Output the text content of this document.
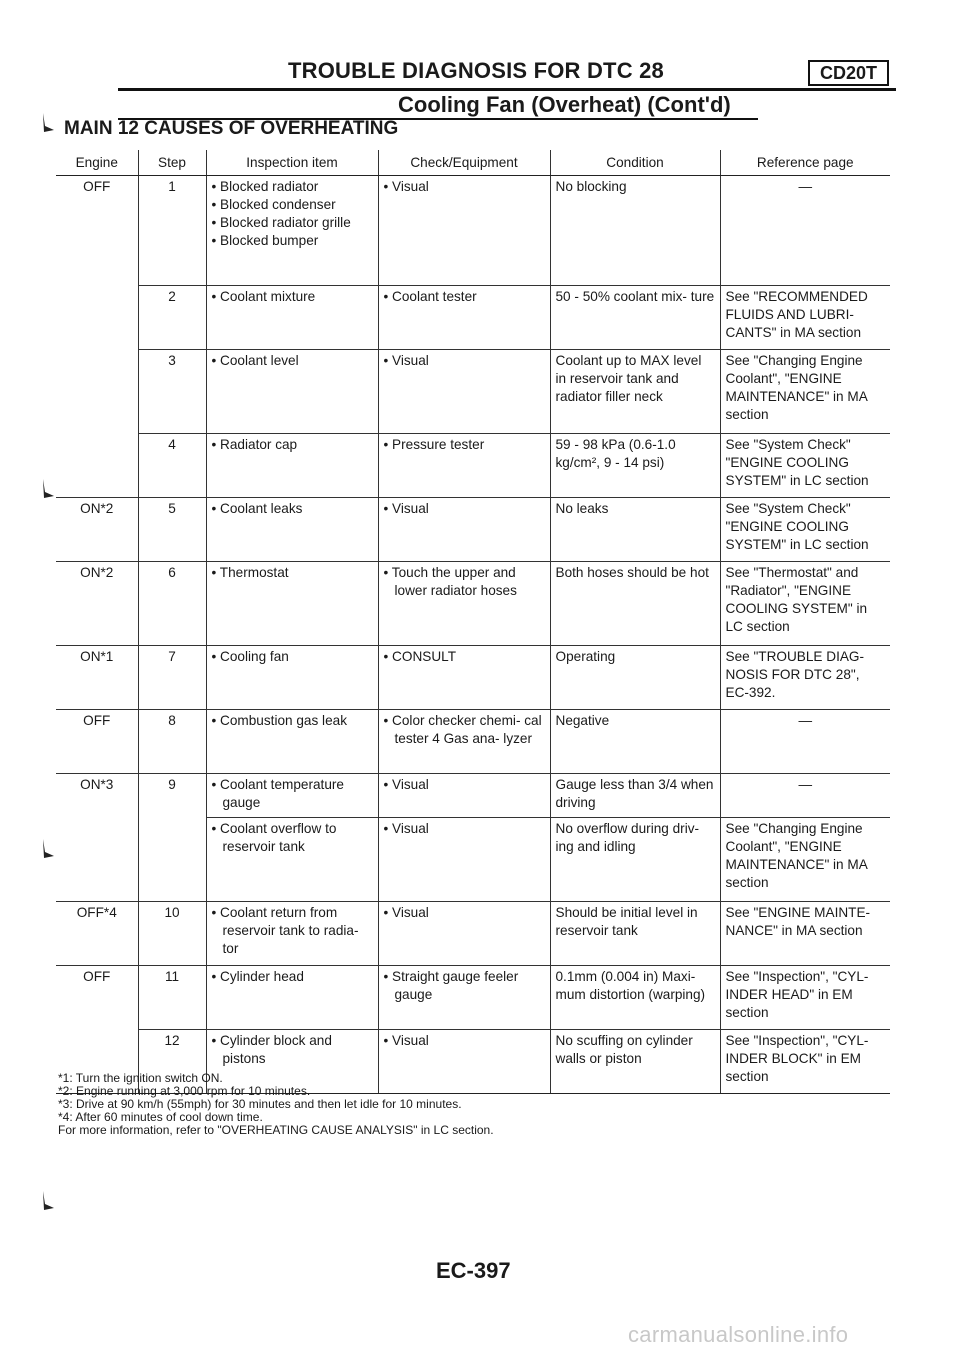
TROUBLE DIAGNOSIS FOR DTC 28	CD20T
Cooling Fan (Overheat) (Cont'd)
MAIN 12 CAUSES OF OVERHEATING
Engine	Step	Inspection item	Check/Equipment	Condition	Reference page
OFF	1	• Blocked radiator
• Blocked condenser
• Blocked radiator grille
• Blocked bumper	• Visual	No blocking	—
	2	• Coolant mixture	• Coolant tester	50 - 50% coolant mix- ture	See "RECOMMENDED FLUIDS AND LUBRI- CANTS" in MA section
	3	• Coolant level	• Visual	Coolant up to MAX level in reservoir tank and radiator filler neck	See "Changing Engine Coolant", "ENGINE MAINTENANCE" in MA section
	4	• Radiator cap	• Pressure tester	59 - 98 kPa (0.6-1.0 kg/cm², 9 - 14 psi)	See "System Check" "ENGINE COOLING SYSTEM" in LC section
ON*2	5	• Coolant leaks	• Visual	No leaks	See "System Check" "ENGINE COOLING SYSTEM" in LC section
ON*2	6	• Thermostat	• Touch the upper and lower radiator hoses	Both hoses should be hot	See "Thermostat" and "Radiator", "ENGINE COOLING SYSTEM" in LC section
ON*1	7	• Cooling fan	• CONSULT	Operating	See "TROUBLE DIAG- NOSIS FOR DTC 28", EC-392.
OFF	8	• Combustion gas leak	• Color checker chemi- cal tester 4 Gas ana- lyzer	Negative	—
ON*3	9	• Coolant temperature gauge	• Visual	Gauge less than 3/4 when driving	—

		• Coolant overflow to reservoir tank	• Visual	No overflow during driv- ing and idling	See "Changing Engine Coolant", "ENGINE MAINTENANCE" in MA section
OFF*4	10	• Coolant return from reservoir tank to radia- tor	• Visual	Should be initial level in reservoir tank	See "ENGINE MAINTE- NANCE" in MA section
OFF	11	• Cylinder head	• Straight gauge feeler gauge	0.1mm (0.004 in) Maxi- mum distortion (warping)	See "Inspection", "CYL- INDER HEAD" in EM section
	12	• Cylinder block and pistons	• Visual	No scuffing on cylinder walls or piston	See "Inspection", "CYL- INDER BLOCK" in EM section
*1: Turn the ignition switch ON.
*2: Engine running at 3,000 rpm for 10 minutes.
*3: Drive at 90 km/h (55mph) for 30 minutes and then let idle for 10 minutes.
*4: After 60 minutes of cool down time.
For more information, refer to "OVERHEATING CAUSE ANALYSIS" in LC section.
EC-397
carmanualsonline.info
